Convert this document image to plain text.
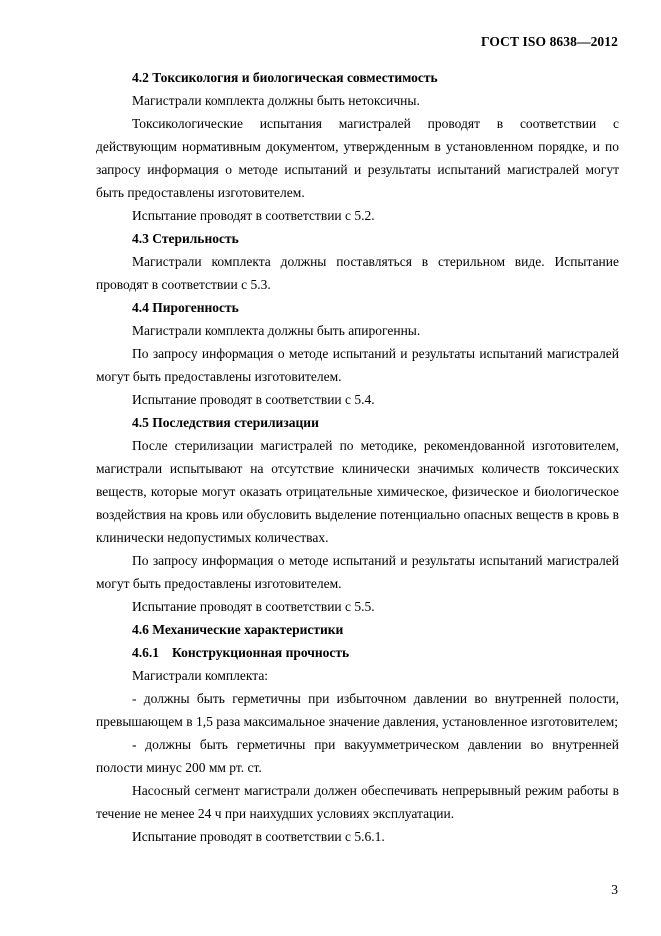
ГОСТ ISO 8638—2012

4.2 Токсикология и биологическая совместимость

Магистрали комплекта должны быть нетоксичны.

Токсикологические испытания магистралей проводят в соответствии с действующим нормативным документом, утвержденным в установленном порядке, и по запросу информация о методе испытаний и результаты испытаний магистралей могут быть предоставлены изготовителем.

Испытание проводят в соответствии с 5.2.

4.3 Стерильность

Магистрали комплекта должны поставляться в стерильном виде. Испытание проводят в соответствии с 5.3.

4.4 Пирогенность

Магистрали комплекта должны быть апирогенны.

По запросу информация о методе испытаний и результаты испытаний магистралей могут быть предоставлены изготовителем.

Испытание проводят в соответствии с 5.4.

4.5 Последствия стерилизации

После стерилизации магистралей по методике, рекомендованной изготовителем, магистрали испытывают на отсутствие клинически значимых количеств токсических веществ, которые могут оказать отрицательные химическое, физическое и биологическое воздействия на кровь или обусловить выделение потенциально опасных веществ в кровь в клинически недопустимых количествах.

По запросу информация о методе испытаний и результаты испытаний магистралей могут быть предоставлены изготовителем.

Испытание проводят в соответствии с 5.5.

4.6 Механические характеристики

4.6.1 Конструкционная прочность

Магистрали комплекта:

- должны быть герметичны при избыточном давлении во внутренней полости, превышающем в 1,5 раза максимальное значение давления, установленное изготовителем;

- должны быть герметичны при вакуумметрическом давлении во внутренней полости минус 200 мм рт. ст.

Насосный сегмент магистрали должен обеспечивать непрерывный режим работы в течение не менее 24 ч при наихудших условиях эксплуатации.

Испытание проводят в соответствии с 5.6.1.

3
